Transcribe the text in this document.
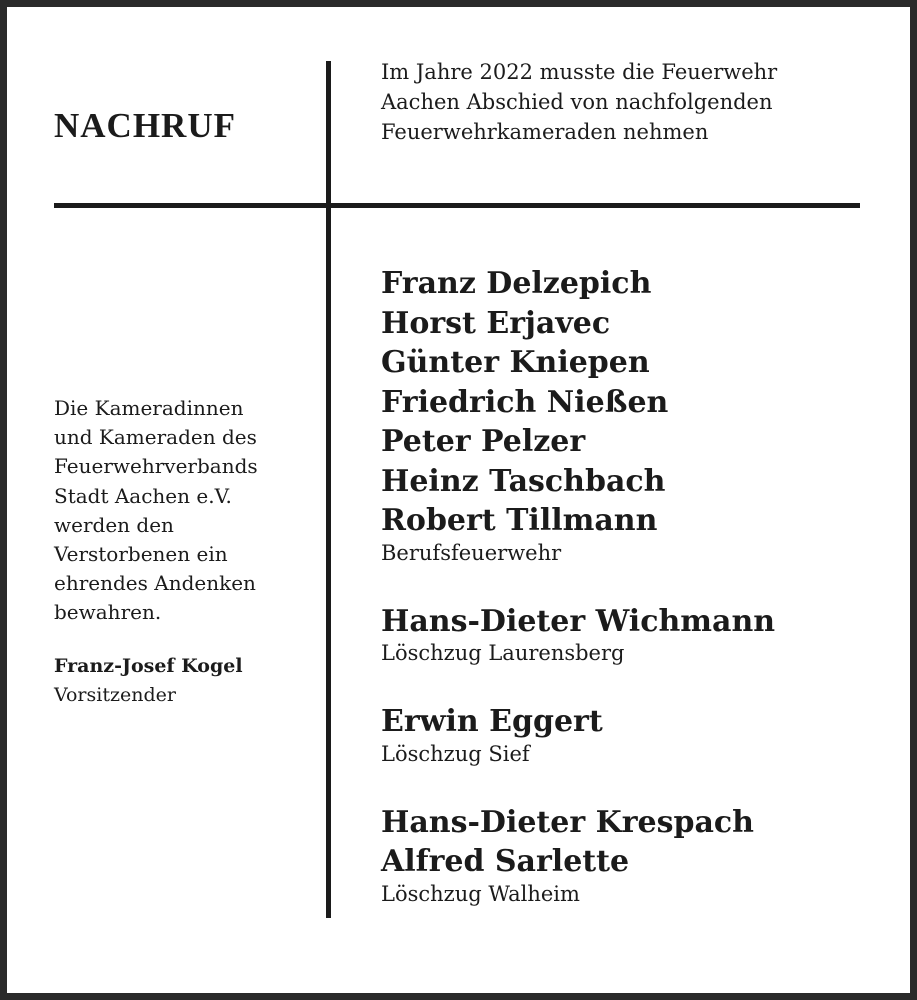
NACHRUF

Im Jahre 2022 musste die Feuerwehr Aachen Abschied von nachfolgenden Feuerwehrkameraden nehmen

Die Kameradinnen

und Kameraden des

Feuerwehrverbands

Stadt Aachen e.V.

werden den

Verstorbenen ein

ehrendes Andenken

bewahren.

Franz-Josef Kogel

Vorsitzender

Franz Delzepich
Horst Erjavec
Günter Kniepen
Friedrich Nießen
Peter Pelzer
Heinz Taschbach
Robert Tillmann
Berufsfeuerwehr
Hans-Dieter Wichmann
Löschzug Laurensberg
Erwin Eggert
Löschzug Sief
Hans-Dieter Krespach
Alfred Sarlette
Löschzug Walheim
